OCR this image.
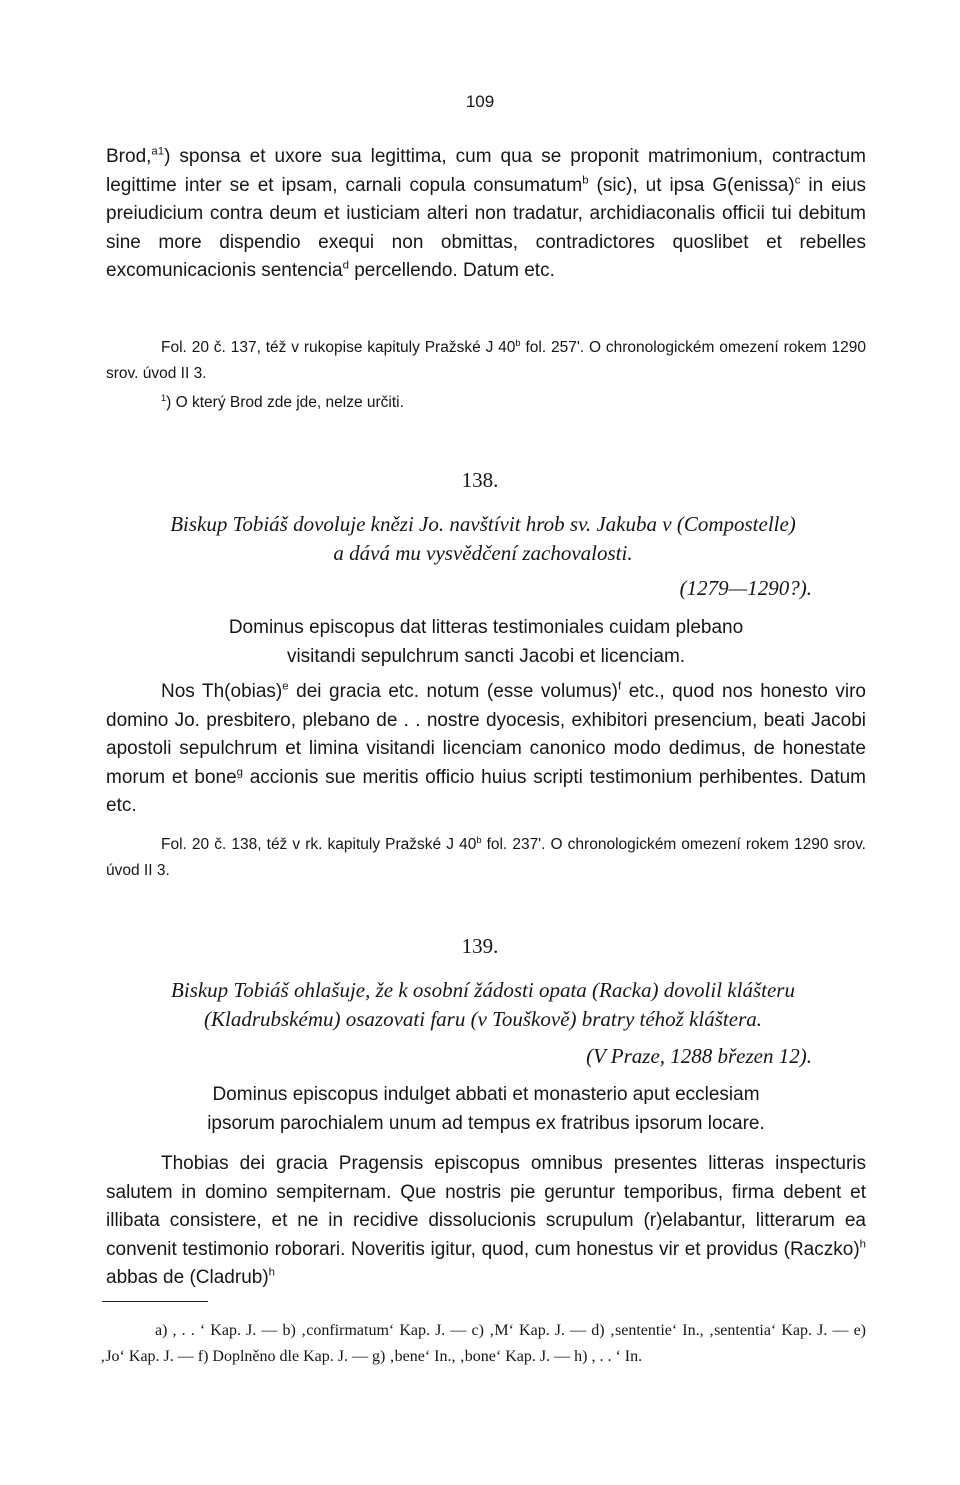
109

Brod,$^{a1}$) sponsa et uxore sua legittima, cum qua se proponit matrimonium, contractum legittime inter se et ipsam, carnali copula consumatum$^b$ (sic), ut ipsa G(enissa)$^c$ in eius preiudicium contra deum et iusticiam alteri non tradatur, archidiaconalis officii tui debitum sine more dispendio exequi non obmittas, contradictores quoslibet et rebelles excomunicacionis sentencia$^d$ percellendo. Datum etc.

Fol. 20 č. 137, též v rukopise kapituly Pražské J 40$^b$ fol. 257'. O chronologickém omezení rokem 1290 srov. úvod II 3.

$^1$) O který Brod zde jde, nelze určiti.

138.
Biskup Tobiáš dovoluje knězi Jo. navštívit hrob sv. Jakuba v (Compostelle)
a dává mu vysvědčení zachovalosti.
(1279—1290?).

Dominus episcopus dat litteras testimoniales cuidam plebano

visitandi sepulchrum sancti Jacobi et licenciam.

Nos Th(obias)$^e$ dei gracia etc. notum (esse volumus)$^f$ etc., quod nos honesto viro domino Jo. presbitero, plebano de . . nostre dyocesis, exhibitori presencium, beati Jacobi apostoli sepulchrum et limina visitandi licenciam canonico modo dedimus, de honestate morum et bone$^g$ accionis sue meritis officio huius scripti testimonium perhibentes. Datum etc.

Fol. 20 č. 138, též v rk. kapituly Pražské J 40$^b$ fol. 237'. O chronologickém omezení rokem 1290 srov. úvod II 3.

139.
Biskup Tobiáš ohlašuje, že k osobní žádosti opata (Racka) dovolil klášteru
(Kladrubskému) osazovati faru (v Touškově) bratry téhož kláštera.
(V Praze, 1288 březen 12).

Dominus episcopus indulget abbati et monasterio aput ecclesiam

ipsorum parochialem unum ad tempus ex fratribus ipsorum locare.

Thobias dei gracia Pragensis episcopus omnibus presentes litteras inspecturis salutem in domino sempiternam. Que nostris pie geruntur temporibus, firma debent et illibata consistere, et ne in recidive dissolucionis scrupulum (r)elabantur, litterarum ea convenit testimonio roborari. Noveritis igitur, quod, cum honestus vir et providus (Raczko)$^h$ abbas de (Cladrub)$^h$

a) , . . ‘ Kap. J. — b) ‚confirmatum‘ Kap. J. — c) ‚M‘ Kap. J. — d) ‚sententie‘ In., ‚sententia‘ Kap. J. — e) ‚Jo‘ Kap. J. — f) Doplněno dle Kap. J. — g) ‚bene‘ In., ‚bone‘ Kap. J. — h) , . . ‘ In.
